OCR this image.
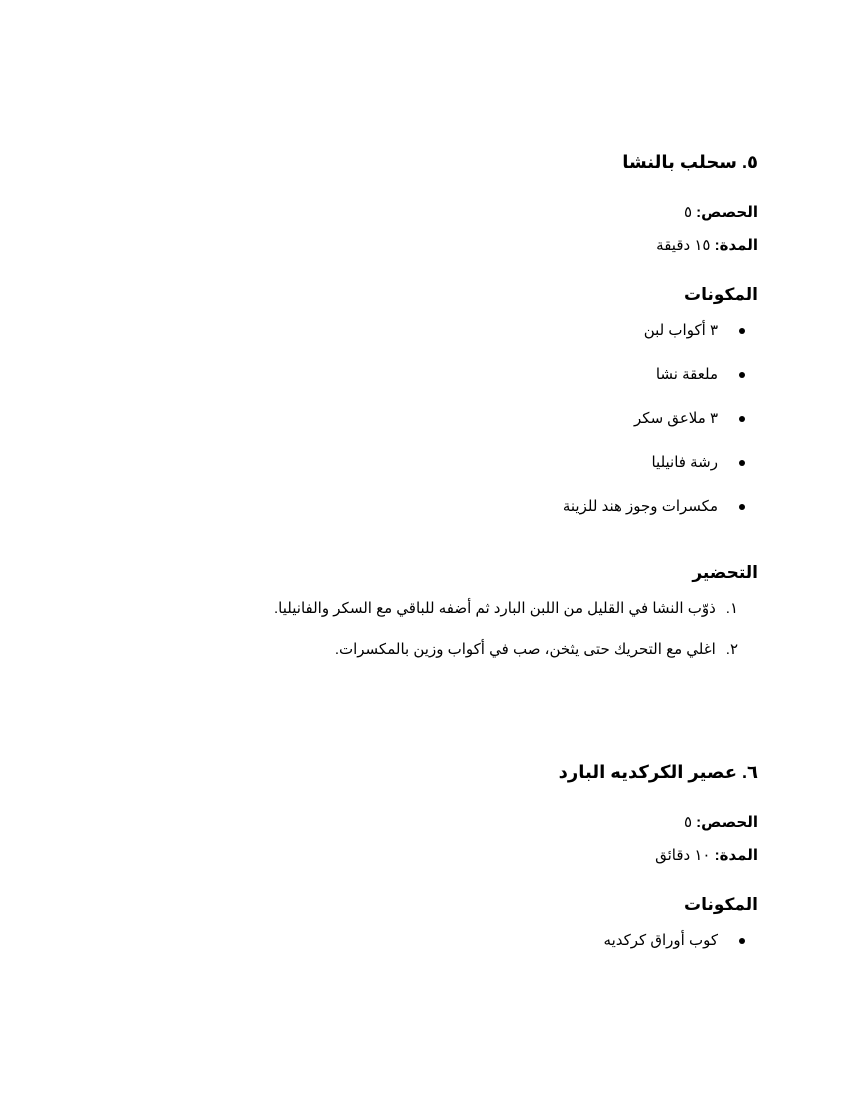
٥. سحلب بالنشا

الحصص: ٥

المدة: ١٥ دقيقة

المكونات
٣ أكواب لبن
ملعقة نشا
٣ ملاعق سكر
رشة فانيليا
مكسرات وجوز هند للزينة
التحضير
١.ذوّب النشا في القليل من اللبن البارد ثم أضفه للباقي مع السكر والفانيليا.
٢.اغلي مع التحريك حتى يثخن، صب في أكواب وزين بالمكسرات.
٦. عصير الكركديه البارد

الحصص: ٥

المدة: ١٠ دقائق

المكونات
كوب أوراق كركديه
